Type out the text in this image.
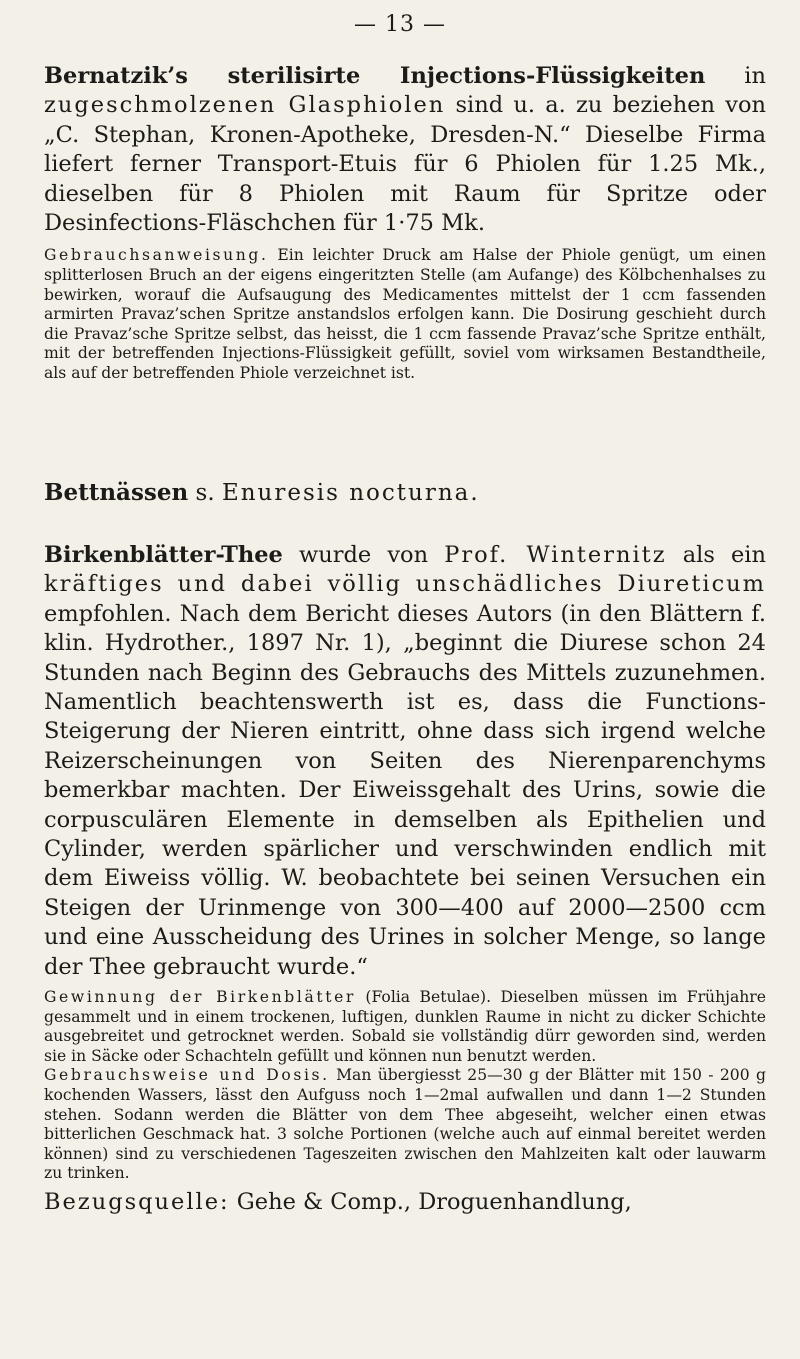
— 13 —

Bernatzik’s sterilisirte Injections-Flüssigkeiten in zugeschmolzenen Glasphiolen sind u. a. zu beziehen von „C. Stephan, Kronen-Apotheke, Dresden-N.“ Dieselbe Firma liefert ferner Transport-Etuis für 6 Phiolen für 1.25 Mk., dieselben für 8 Phiolen mit Raum für Spritze oder Desinfections-Fläschchen für 1·75 Mk.

Gebrauchsanweisung. Ein leichter Druck am Halse der Phiole genügt, um einen splitterlosen Bruch an der eigens eingeritzten Stelle (am Aufange) des Kölbchenhalses zu bewirken, worauf die Aufsaugung des Medicamentes mittelst der 1 ccm fassenden armirten Pravaz’schen Spritze anstandslos erfolgen kann. Die Dosirung geschieht durch die Pravaz’sche Spritze selbst, das heisst, die 1 ccm fassende Pravaz’sche Spritze enthält, mit der betreffenden Injections-Flüssigkeit gefüllt, soviel vom wirksamen Bestandtheile, als auf der betreffenden Phiole verzeichnet ist.

Bettnässen s. Enuresis nocturna.

Birkenblätter-Thee wurde von Prof. Winternitz als ein kräftiges und dabei völlig unschädliches Diureticum empfohlen. Nach dem Bericht dieses Autors (in den Blättern f. klin. Hydrother., 1897 Nr. 1), „beginnt die Diurese schon 24 Stunden nach Beginn des Gebrauchs des Mittels zuzunehmen. Namentlich beachtenswerth ist es, dass die Functions-Steigerung der Nieren eintritt, ohne dass sich irgend welche Reizerscheinungen von Seiten des Nierenparenchyms bemerkbar machten. Der Eiweissgehalt des Urins, sowie die corpusculären Elemente in demselben als Epithelien und Cylinder, werden spärlicher und verschwinden endlich mit dem Eiweiss völlig. W. beobachtete bei seinen Versuchen ein Steigen der Urinmenge von 300—400 auf 2000—2500 ccm und eine Ausscheidung des Urines in solcher Menge, so lange der Thee gebraucht wurde.“

Gewinnung der Birkenblätter (Folia Betulae). Dieselben müssen im Frühjahre gesammelt und in einem trockenen, luftigen, dunklen Raume in nicht zu dicker Schichte ausgebreitet und getrocknet werden. Sobald sie vollständig dürr geworden sind, werden sie in Säcke oder Schachteln gefüllt und können nun benutzt werden.

Gebrauchsweise und Dosis. Man übergiesst 25—30 g der Blätter mit 150 - 200 g kochenden Wassers, lässt den Aufguss noch 1—2mal aufwallen und dann 1—2 Stunden stehen. Sodann werden die Blätter von dem Thee abgeseiht, welcher einen etwas bitterlichen Geschmack hat. 3 solche Portionen (welche auch auf einmal bereitet werden können) sind zu verschiedenen Tageszeiten zwischen den Mahlzeiten kalt oder lauwarm zu trinken.

Bezugsquelle: Gehe & Comp., Droguenhandlung,
